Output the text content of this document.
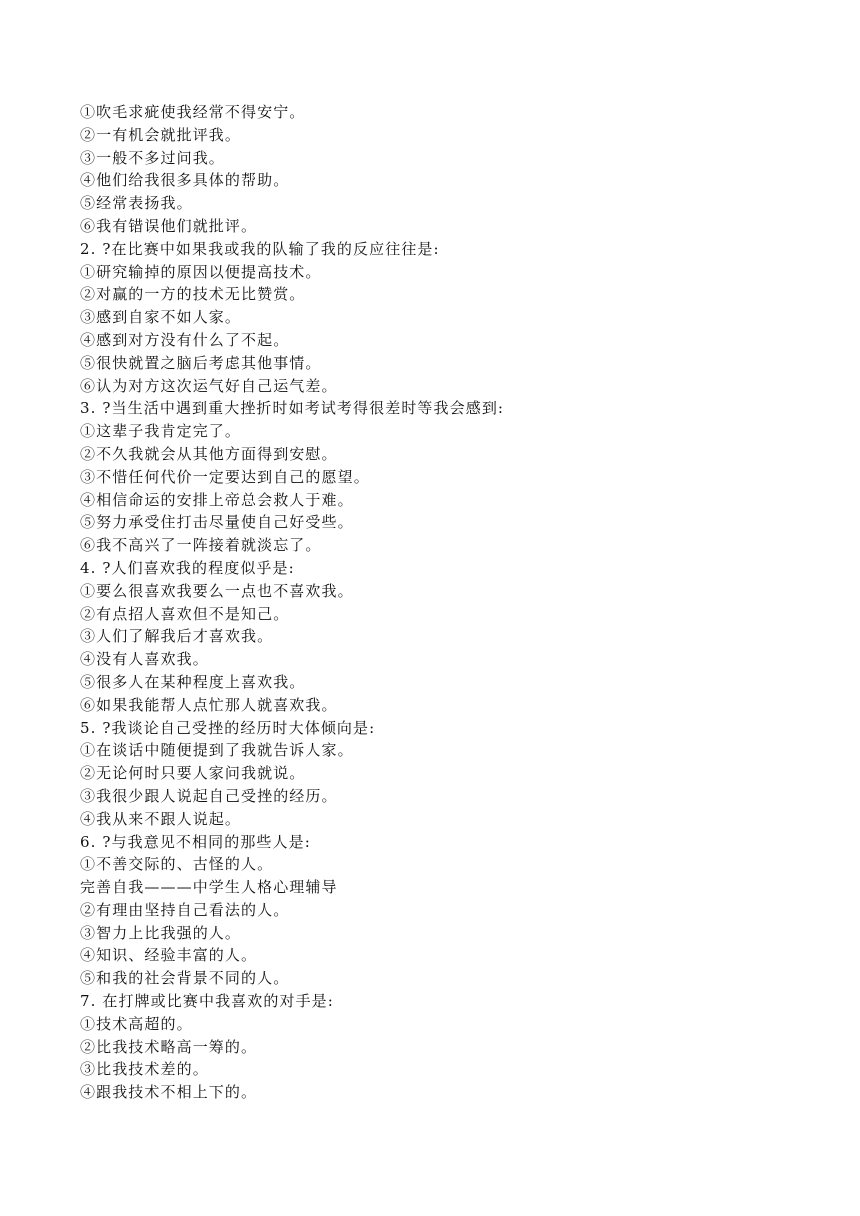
①吹毛求疵使我经常不得安宁。
②一有机会就批评我。
③一般不多过问我。
④他们给我很多具体的帮助。
⑤经常表扬我。
⑥我有错误他们就批评。
2. ?在比赛中如果我或我的队输了我的反应往往是:
①研究输掉的原因以便提高技术。
②对赢的一方的技术无比赞赏。
③感到自家不如人家。
④感到对方没有什么了不起。
⑤很快就置之脑后考虑其他事情。
⑥认为对方这次运气好自己运气差。
3. ?当生活中遇到重大挫折时如考试考得很差时等我会感到:
①这辈子我肯定完了。
②不久我就会从其他方面得到安慰。
③不惜任何代价一定要达到自己的愿望。
④相信命运的安排上帝总会救人于难。
⑤努力承受住打击尽量使自己好受些。
⑥我不高兴了一阵接着就淡忘了。
4. ?人们喜欢我的程度似乎是:
①要么很喜欢我要么一点也不喜欢我。
②有点招人喜欢但不是知己。
③人们了解我后才喜欢我。
④没有人喜欢我。
⑤很多人在某种程度上喜欢我。
⑥如果我能帮人点忙那人就喜欢我。
5. ?我谈论自己受挫的经历时大体倾向是:
①在谈话中随便提到了我就告诉人家。
②无论何时只要人家问我就说。
③我很少跟人说起自己受挫的经历。
④我从来不跟人说起。
6. ?与我意见不相同的那些人是:
①不善交际的、古怪的人。
完善自我———中学生人格心理辅导
②有理由坚持自己看法的人。
③智力上比我强的人。
④知识、经验丰富的人。
⑤和我的社会背景不同的人。
7. 在打牌或比赛中我喜欢的对手是:
①技术高超的。
②比我技术略高一筹的。
③比我技术差的。
④跟我技术不相上下的。
